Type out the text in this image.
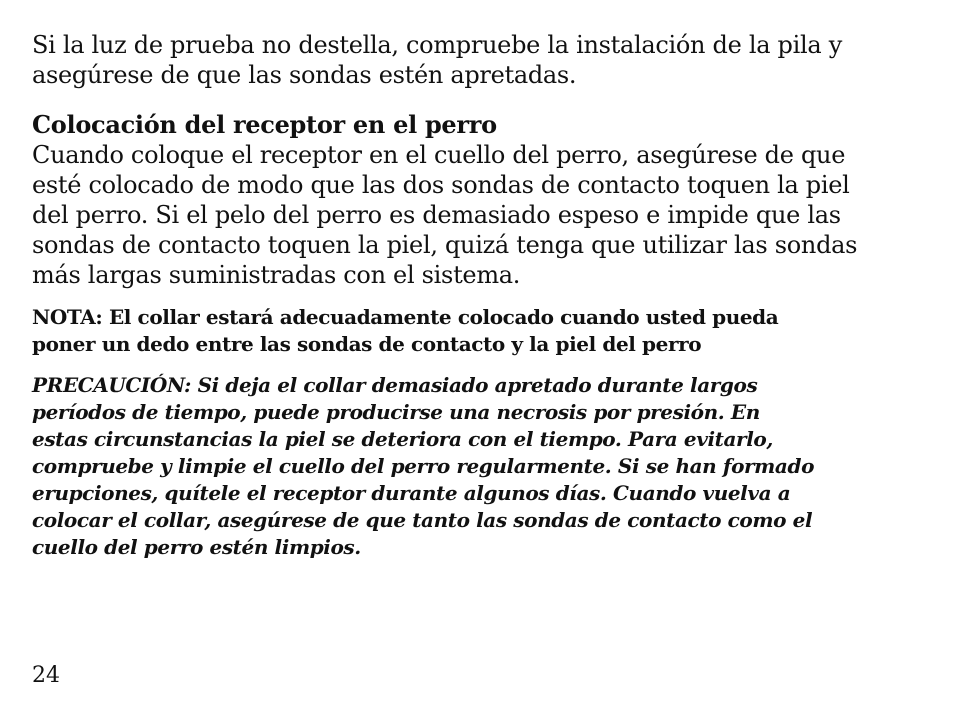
Si la luz de prueba no destella, compruebe la instalación de la pila y
asegúrese de que las sondas estén apretadas.

Colocación del receptor en el perro

Cuando coloque el receptor en el cuello del perro, asegúrese de que
esté colocado de modo que las dos sondas de contacto toquen la piel
del perro. Si el pelo del perro es demasiado espeso e impide que las
sondas de contacto toquen la piel, quizá tenga que utilizar las sondas
más largas suministradas con el sistema.

NOTA: El collar estará adecuadamente colocado cuando usted pueda
poner un dedo entre las sondas de contacto y la piel del perro

PRECAUCIÓN: Si deja el collar demasiado apretado durante largos
períodos de tiempo, puede producirse una necrosis por presión. En
estas circunstancias la piel se deteriora con el tiempo. Para evitarlo,
compruebe y limpie el cuello del perro regularmente. Si se han formado
erupciones, quítele el receptor durante algunos días. Cuando vuelva a
colocar el collar, asegúrese de que tanto las sondas de contacto como el
cuello del perro estén limpios.

24
